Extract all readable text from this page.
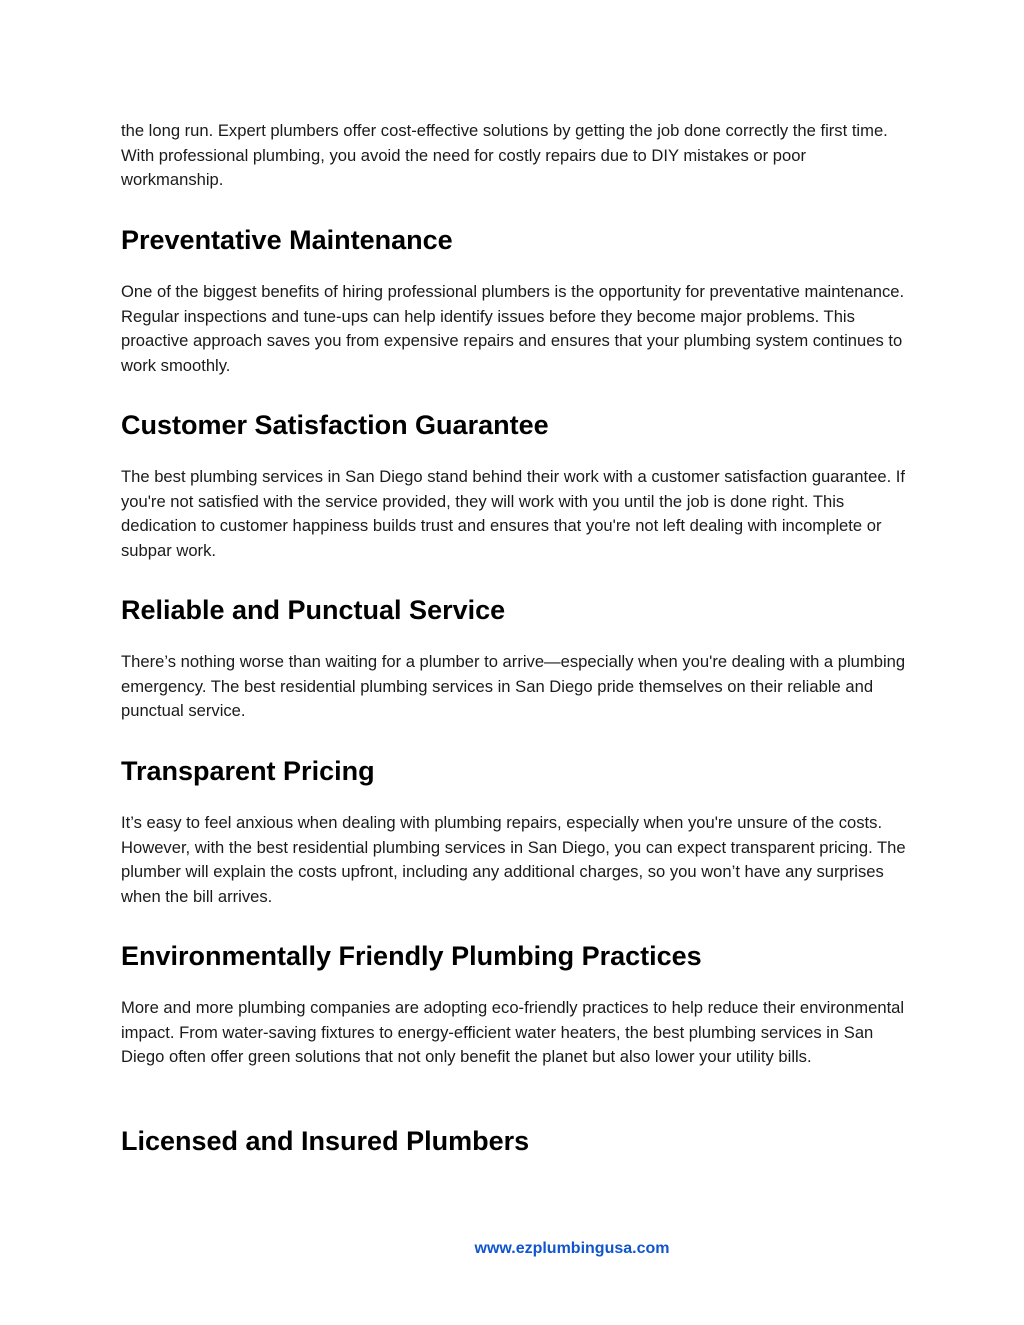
the long run. Expert plumbers offer cost-effective solutions by getting the job done correctly the first time. With professional plumbing, you avoid the need for costly repairs due to DIY mistakes or poor workmanship.

Preventative Maintenance

One of the biggest benefits of hiring professional plumbers is the opportunity for preventative maintenance. Regular inspections and tune-ups can help identify issues before they become major problems. This proactive approach saves you from expensive repairs and ensures that your plumbing system continues to work smoothly.

Customer Satisfaction Guarantee

The best plumbing services in San Diego stand behind their work with a customer satisfaction guarantee. If you're not satisfied with the service provided, they will work with you until the job is done right. This dedication to customer happiness builds trust and ensures that you're not left dealing with incomplete or subpar work.

Reliable and Punctual Service

There’s nothing worse than waiting for a plumber to arrive—especially when you're dealing with a plumbing emergency. The best residential plumbing services in San Diego pride themselves on their reliable and punctual service.

Transparent Pricing

It’s easy to feel anxious when dealing with plumbing repairs, especially when you're unsure of the costs. However, with the best residential plumbing services in San Diego, you can expect transparent pricing. The plumber will explain the costs upfront, including any additional charges, so you won’t have any surprises when the bill arrives.

Environmentally Friendly Plumbing Practices

More and more plumbing companies are adopting eco-friendly practices to help reduce their environmental impact. From water-saving fixtures to energy-efficient water heaters, the best plumbing services in San Diego often offer green solutions that not only benefit the planet but also lower your utility bills.

Licensed and Insured Plumbers
www.ezplumbingusa.com
